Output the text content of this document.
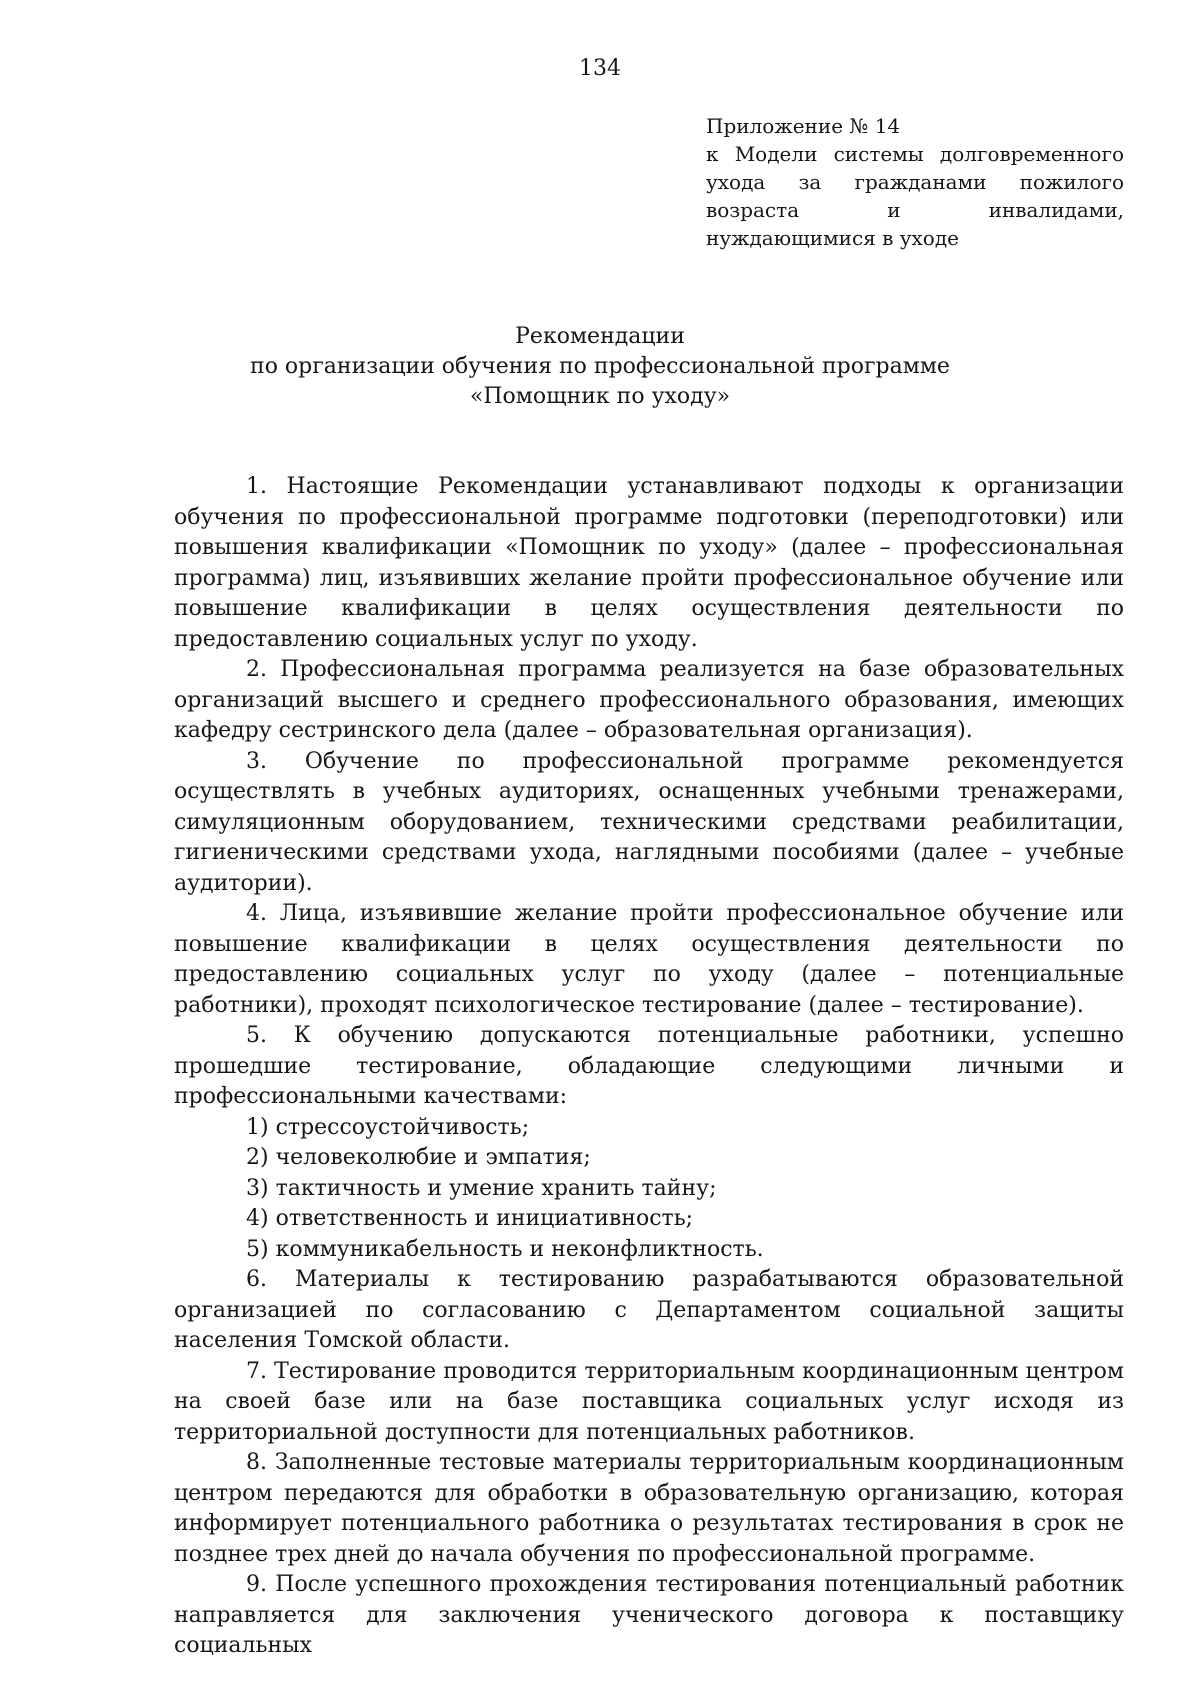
134
Приложение № 14
к Модели системы долговременного ухода за гражданами пожилого возраста и инвалидами, нуждающимися в уходе
Рекомендации
по организации обучения по профессиональной программе
«Помощник по уходу»

1. Настоящие Рекомендации устанавливают подходы к организации обучения по профессиональной программе подготовки (переподготовки) или повышения квалификации «Помощник по уходу» (далее – профессиональная программа) лиц, изъявивших желание пройти профессиональное обучение или повышение квалификации в целях осуществления деятельности по предоставлению социальных услуг по уходу.

2. Профессиональная программа реализуется на базе образовательных организаций высшего и среднего профессионального образования, имеющих кафедру сестринского дела (далее – образовательная организация).

3. Обучение по профессиональной программе рекомендуется осуществлять в учебных аудиториях, оснащенных учебными тренажерами, симуляционным оборудованием, техническими средствами реабилитации, гигиеническими средствами ухода, наглядными пособиями (далее – учебные аудитории).

4. Лица, изъявившие желание пройти профессиональное обучение или повышение квалификации в целях осуществления деятельности по предоставлению социальных услуг по уходу (далее – потенциальные работники), проходят психологическое тестирование (далее – тестирование).

5. К обучению допускаются потенциальные работники, успешно прошедшие тестирование, обладающие следующими личными и профессиональными качествами:

1) стрессоустойчивость;

2) человеколюбие и эмпатия;

3) тактичность и умение хранить тайну;

4) ответственность и инициативность;

5) коммуникабельность и неконфликтность.

6. Материалы к тестированию разрабатываются образовательной организацией по согласованию с Департаментом социальной защиты населения Томской области.

7. Тестирование проводится территориальным координационным центром на своей базе или на базе поставщика социальных услуг исходя из территориальной доступности для потенциальных работников.

8. Заполненные тестовые материалы территориальным координационным центром передаются для обработки в образовательную организацию, которая информирует потенциального работника о результатах тестирования в срок не позднее трех дней до начала обучения по профессиональной программе.

9. После успешного прохождения тестирования потенциальный работник направляется для заключения ученического договора к поставщику социальных
